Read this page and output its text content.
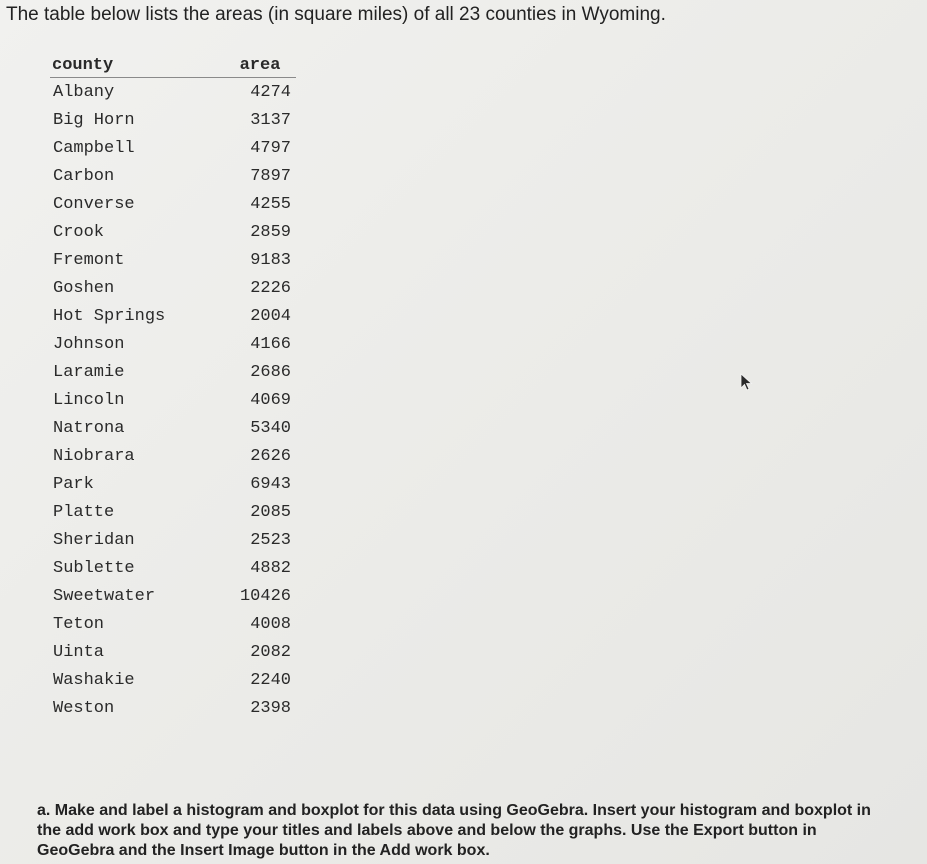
The table below lists the areas (in square miles) of all 23 counties in Wyoming.
county	area
Albany	4274
Big Horn	3137
Campbell	4797
Carbon	7897
Converse	4255
Crook	2859
Fremont	9183
Goshen	2226
Hot Springs	2004
Johnson	4166
Laramie	2686
Lincoln	4069
Natrona	5340
Niobrara	2626
Park	6943
Platte	2085
Sheridan	2523
Sublette	4882
Sweetwater	10426
Teton	4008
Uinta	2082
Washakie	2240
Weston	2398
a. Make and label a histogram and boxplot for this data using GeoGebra. Insert your histogram and boxplot in the add work box and type your titles and labels above and below the graphs. Use the Export button in GeoGebra and the Insert Image button in the Add work box.
